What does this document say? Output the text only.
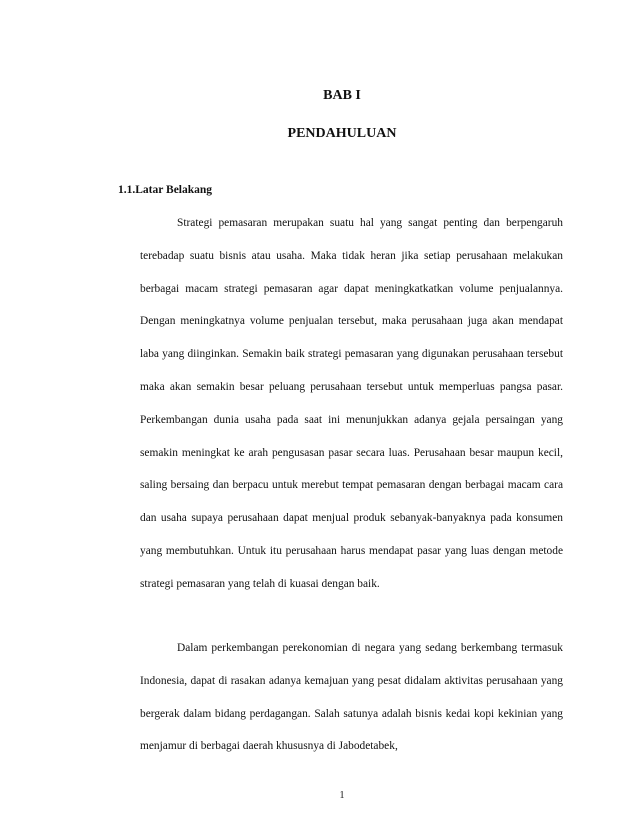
BAB I
PENDAHULUAN
1.1.Latar Belakang

Strategi pemasaran merupakan suatu hal yang sangat penting dan berpengaruh terebadap suatu bisnis atau usaha. Maka tidak heran jika setiap perusahaan melakukan berbagai macam strategi pemasaran agar dapat meningkatkatkan volume penjualannya. Dengan meningkatnya volume penjualan tersebut, maka perusahaan juga akan mendapat laba yang diinginkan. Semakin baik strategi pemasaran yang digunakan perusahaan tersebut maka akan semakin besar peluang perusahaan tersebut untuk memperluas pangsa pasar. Perkembangan dunia usaha pada saat ini menunjukkan adanya gejala persaingan yang semakin meningkat ke arah pengusasan pasar secara luas. Perusahaan besar maupun kecil, saling bersaing dan berpacu untuk merebut tempat pemasaran dengan berbagai macam cara dan usaha supaya perusahaan dapat menjual produk sebanyak-banyaknya pada konsumen yang membutuhkan. Untuk itu perusahaan harus mendapat pasar yang luas dengan metode strategi pemasaran yang telah di kuasai dengan baik.

Dalam perkembangan perekonomian di negara yang sedang berkembang termasuk Indonesia, dapat di rasakan adanya kemajuan yang pesat didalam aktivitas perusahaan yang bergerak dalam bidang perdagangan. Salah satunya adalah bisnis kedai kopi kekinian yang menjamur di berbagai daerah khususnya di Jabodetabek,

1
